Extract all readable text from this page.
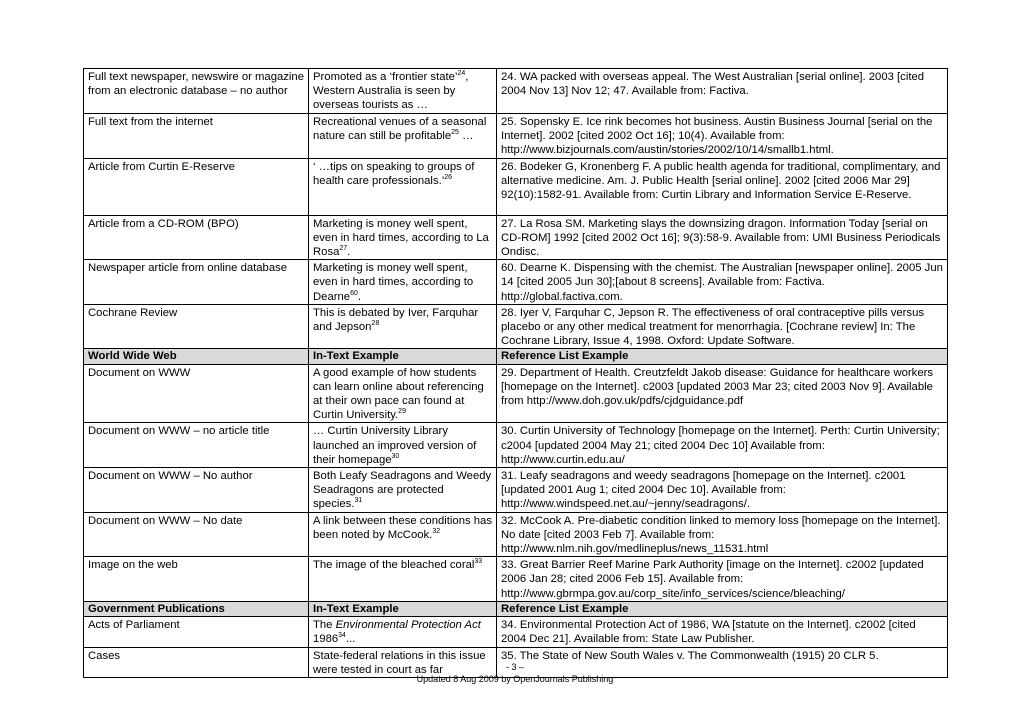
Full text newspaper, newswire or magazine from an electronic database – no author	Promoted as a ‘frontier state’$^{24}$, Western Australia is seen by overseas tourists as …	24. WA packed with overseas appeal. The West Australian [serial online]. 2003 [cited 2004 Nov 13] Nov 12; 47. Available from: Factiva.
Full text from the internet	Recreational venues of a seasonal nature can still be profitable$^{25}$ …	25. Sopensky E. Ice rink becomes hot business. Austin Business Journal [serial on the Internet]. 2002 [cited 2002 Oct 16]; 10(4). Available from: http://www.bizjournals.com/austin/stories/2002/10/14/smallb1.html.
Article from Curtin E-Reserve	‘ …tips on speaking to groups of health care professionals.’$^{26}$	26. Bodeker G, Kronenberg F. A public health agenda for traditional, complimentary, and alternative medicine. Am. J. Public Health [serial online]. 2002 [cited 2006 Mar 29] 92(10):1582-91. Available from: Curtin Library and Information Service E-Reserve.
Article from a CD-ROM (BPO)	Marketing is money well spent, even in hard times, according to La Rosa$^{27}$.	27. La Rosa SM. Marketing slays the downsizing dragon. Information Today [serial on CD-ROM] 1992 [cited 2002 Oct 16]; 9(3):58-9. Available from: UMI Business Periodicals Ondisc.
Newspaper article from online database	Marketing is money well spent, even in hard times, according to Dearne$^{60}$.	60. Dearne K. Dispensing with the chemist. The Australian [newspaper online]. 2005 Jun 14 [cited 2005 Jun 30];[about 8 screens]. Available from: Factiva. http://global.factiva.com.
Cochrane Review	This is debated by Iver, Farquhar and Jepson$^{28}$	28. Iyer V, Farquhar C, Jepson R. The effectiveness of oral contraceptive pills versus placebo or any other medical treatment for menorrhagia. [Cochrane review] In: The Cochrane Library, Issue 4, 1998. Oxford: Update Software.
World Wide Web	In-Text Example	Reference List Example
Document on WWW	A good example of how students can learn online about referencing at their own pace can found at Curtin University.$^{29}$	29. Department of Health. Creutzfeldt Jakob disease: Guidance for healthcare workers [homepage on the Internet]. c2003 [updated 2003 Mar 23; cited 2003 Nov 9]. Available from http://www.doh.gov.uk/pdfs/cjdguidance.pdf
Document on WWW – no article title	… Curtin University Library launched an improved version of their homepage$^{30}$	30. Curtin University of Technology [homepage on the Internet]. Perth: Curtin University; c2004 [updated 2004 May 21; cited 2004 Dec 10] Available from: http://www.curtin.edu.au/
Document on WWW – No author	Both Leafy Seadragons and Weedy Seadragons are protected species.$^{31}$	31. Leafy seadragons and weedy seadragons [homepage on the Internet]. c2001 [updated 2001 Aug 1; cited 2004 Dec 10]. Available from: http://www.windspeed.net.au/~jenny/seadragons/.
Document on WWW – No date	A link between these conditions has been noted by McCook.$^{32}$	32. McCook A. Pre-diabetic condition linked to memory loss [homepage on the Internet]. No date [cited 2003 Feb 7]. Available from: http://www.nlm.nih.gov/medlineplus/news_11531.html
Image on the web	The image of the bleached coral$^{33}$	33. Great Barrier Reef Marine Park Authority [image on the Internet]. c2002 [updated 2006 Jan 28; cited 2006 Feb 15]. Available from: http://www.gbrmpa.gov.au/corp_site/info_services/science/bleaching/
Government Publications	In-Text Example	Reference List Example
Acts of Parliament	The Environmental Protection Act 1986$^{34}$...	34. Environmental Protection Act of 1986, WA [statute on the Internet]. c2002 [cited 2004 Dec 21]. Available from: State Law Publisher.
Cases	State-federal relations in this issue were tested in court as far	35. The State of New South Wales v. The Commonwealth (1915) 20 CLR 5.
- 3 –
Updated 8 Aug 2009 by OpenJournals Publishing
